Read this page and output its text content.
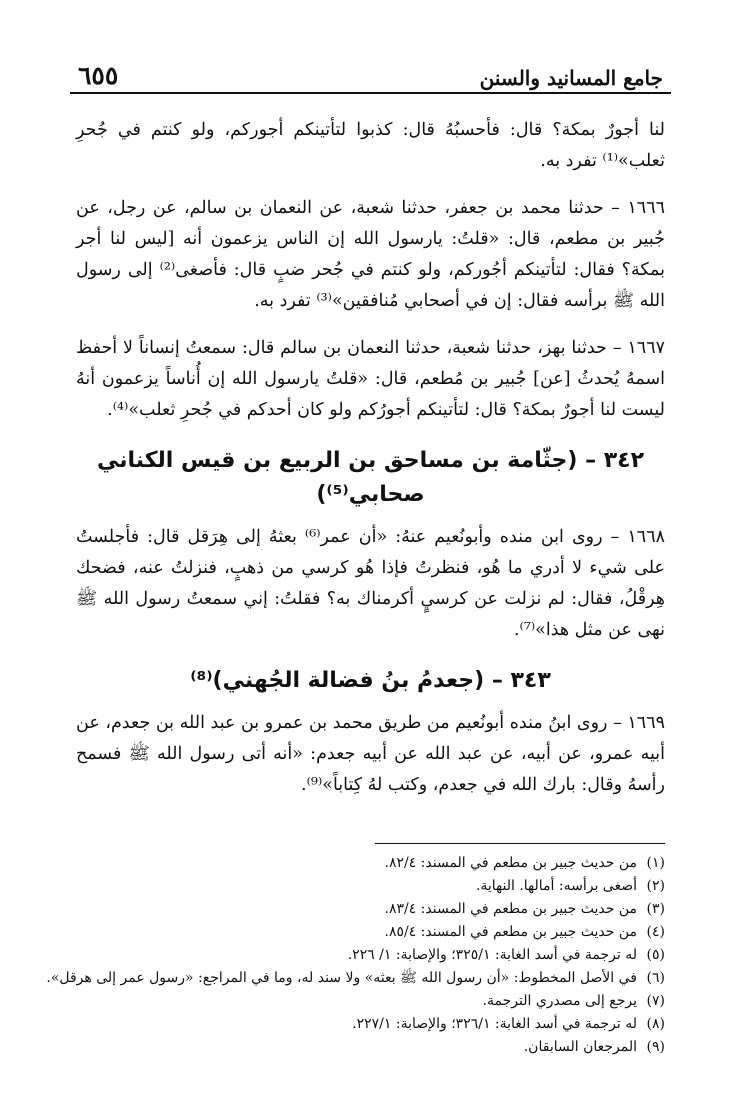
جامع المسانيد والسنن
٦٥٥

لنا أجورٌ بمكة؟ قال: فأحسبُهُ قال: كذبوا لتأتينكم أجوركم، ولو كنتم في جُحرِ ثعلب»⁽¹⁾ تفرد به.

١٦٦٦ – حدثنا محمد بن جعفر، حدثنا شعبة، عن النعمان بن سالم، عن رجل، عن جُبير بن مطعم، قال: «قلتُ: يارسول الله إن الناس يزعمون أنه [ليس لنا أجر بمكة؟ فقال: لتأتينكم أجُوركم، ولو كنتم في جُحر ضبٍ قال: فأصغى⁽²⁾ إلى رسول الله ﷺ برأسه فقال: إن في أصحابي مُنافقين»⁽³⁾ تفرد به.

١٦٦٧ – حدثنا بهز، حدثنا شعبة، حدثنا النعمان بن سالم قال: سمعتُ إنساناً لا أحفظ اسمهُ يُحدثُ [عن] جُبير بن مُطعم، قال: «قلتُ يارسول الله إن أُناساً يزعمون أنهُ ليست لنا أجورٌ بمكة؟ قال: لتأتينكم أجورُكم ولو كان أحدكم في جُحرِ ثعلب»⁽⁴⁾.

٣٤٢ – (جثّامة بن مساحق بن الربيع بن قيس الكناني صحابي⁽⁵⁾)

١٦٦٨ – روى ابن منده وأبونُعيم عنهُ: «أن عمر⁽⁶⁾ بعثهُ إلى هِرَقل قال: فأجلستُ على شيء لا أدري ما هُو، فنظرتُ فإذا هُو كرسي من ذهبٍ، فنزلتُ عنه، فضحك هِرقْلُ، فقال: لم نزلت عن كرسيٍ أكرمناك به؟ فقلتُ: إني سمعتُ رسول الله ﷺ نهى عن مثل هذا»⁽⁷⁾.

٣٤٣ – (جعدمُ بنُ فضالة الجُهني)⁽⁸⁾

١٦٦٩ – روى ابنُ منده أبونُعيم من طريق محمد بن عمرو بن عبد الله بن جعدم، عن أبيه عمرو، عن أبيه، عن عبد الله عن أبيه جعدم: «أنه أتى رسول الله ﷺ فسمح رأسهُ وقال: بارك الله في جعدم، وكتب لهُ كِتاباً»⁽⁹⁾.

(١)من حديث جبير بن مطعم في المسند: ٨٢/٤.
(٢)أصغى برأسه: أمالها. النهاية.
(٣)من حديث جبير بن مطعم في المسند: ٨٣/٤.
(٤)من حديث جبير بن مطعم في المسند: ٨٥/٤.
(٥)له ترجمة في أسد الغابة: ٣٢٥/١؛ والإصابة: ١/ ٢٢٦.
(٦)في الأصل المخطوط: «أن رسول الله ﷺ بعثه» ولا سند له، وما في المراجع: «رسول عمر إلى هرقل».
(٧)يرجع إلى مصدري الترجمة.
(٨)له ترجمة في أسد الغابة: ٣٢٦/١؛ والإصابة: ٢٢٧/١.
(٩)المرجعان السابقان.
